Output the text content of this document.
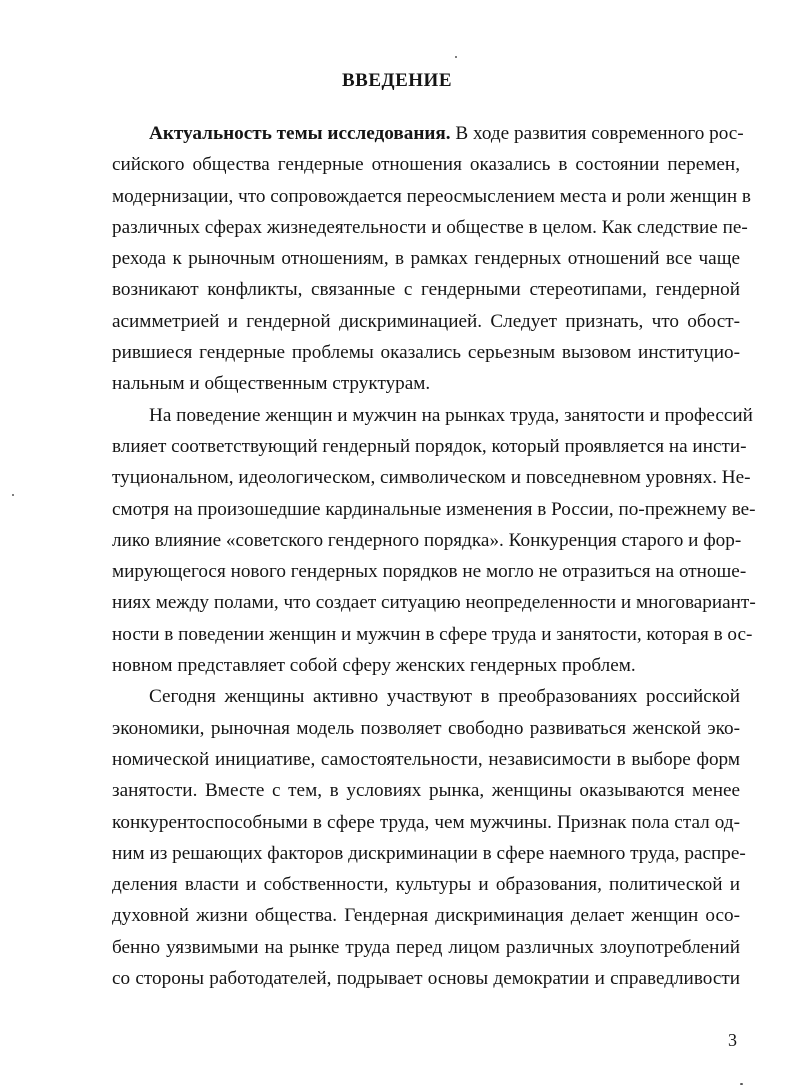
ВВЕДЕНИЕ
Актуальность темы исследования. В ходе развития современного рос-
сийского общества гендерные отношения оказались в состоянии перемен,
модернизации, что сопровождается переосмыслением места и роли женщин в
различных сферах жизнедеятельности и обществе в целом. Как следствие пе-
рехода к рыночным отношениям, в рамках гендерных отношений все чаще
возникают конфликты, связанные с гендерными стереотипами, гендерной
асимметрией и гендерной дискриминацией. Следует признать, что обост-
рившиеся гендерные проблемы оказались серьезным вызовом институцио-
нальным и общественным структурам.
На поведение женщин и мужчин на рынках труда, занятости и профессий
влияет соответствующий гендерный порядок, который проявляется на инсти-
туциональном, идеологическом, символическом и повседневном уровнях. Не-
смотря на произошедшие кардинальные изменения в России, по-прежнему ве-
лико влияние «советского гендерного порядка». Конкуренция старого и фор-
мирующегося нового гендерных порядков не могло не отразиться на отноше-
ниях между полами, что создает ситуацию неопределенности и многовариант-
ности в поведении женщин и мужчин в сфере труда и занятости, которая в ос-
новном представляет собой сферу женских гендерных проблем.
Сегодня женщины активно участвуют в преобразованиях российской
экономики, рыночная модель позволяет свободно развиваться женской эко-
номической инициативе, самостоятельности, независимости в выборе форм
занятости. Вместе с тем, в условиях рынка, женщины оказываются менее
конкурентоспособными в сфере труда, чем мужчины. Признак пола стал од-
ним из решающих факторов дискриминации в сфере наемного труда, распре-
деления власти и собственности, культуры и образования, политической и
духовной жизни общества. Гендерная дискриминация делает женщин осо-
бенно уязвимыми на рынке труда перед лицом различных злоупотреблений
со стороны работодателей, подрывает основы демократии и справедливости
3
